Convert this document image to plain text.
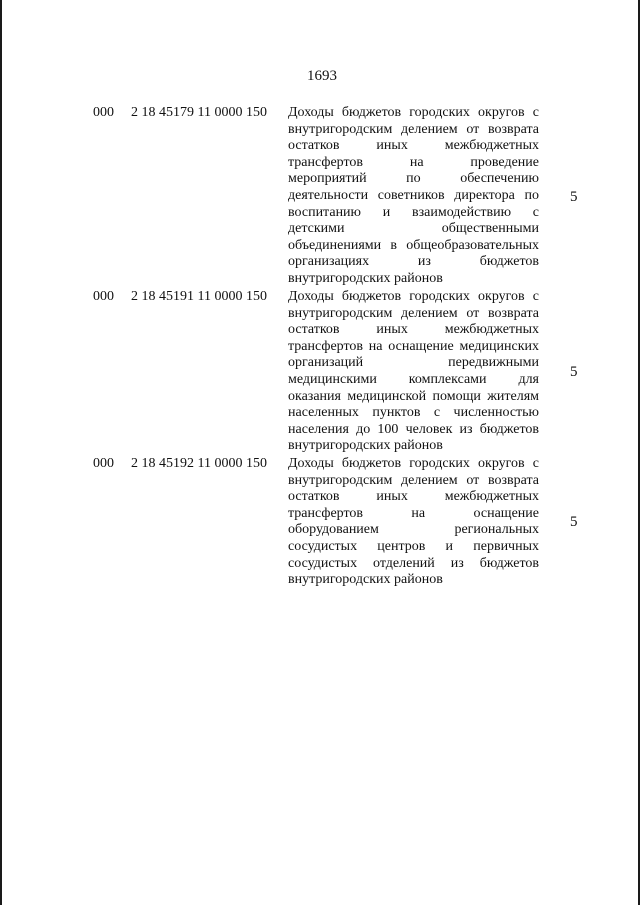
1693
000 2 18 45179 11 0000 150 Доходы бюджетов городских округов с
внутригородским делением от возврата
остатков иных межбюджетных
трансфертов на проведение
мероприятий по обеспечению
деятельности советников директора по
воспитанию и взаимодействию с
детскими общественными
объединениями в общеобразовательных
организациях из бюджетов
внутригородских районов
5
000 2 18 45191 11 0000 150 Доходы бюджетов городских округов с
внутригородским делением от возврата
остатков иных межбюджетных
трансфертов на оснащение медицинских
организаций передвижными
медицинскими комплексами для
оказания медицинской помощи жителям
населенных пунктов с численностью
населения до 100 человек из бюджетов
внутригородских районов
5
000 2 18 45192 11 0000 150 Доходы бюджетов городских округов с
внутригородским делением от возврата
остатков иных межбюджетных
трансфертов на оснащение
оборудованием региональных
сосудистых центров и первичных
сосудистых отделений из бюджетов
внутригородских районов
5
